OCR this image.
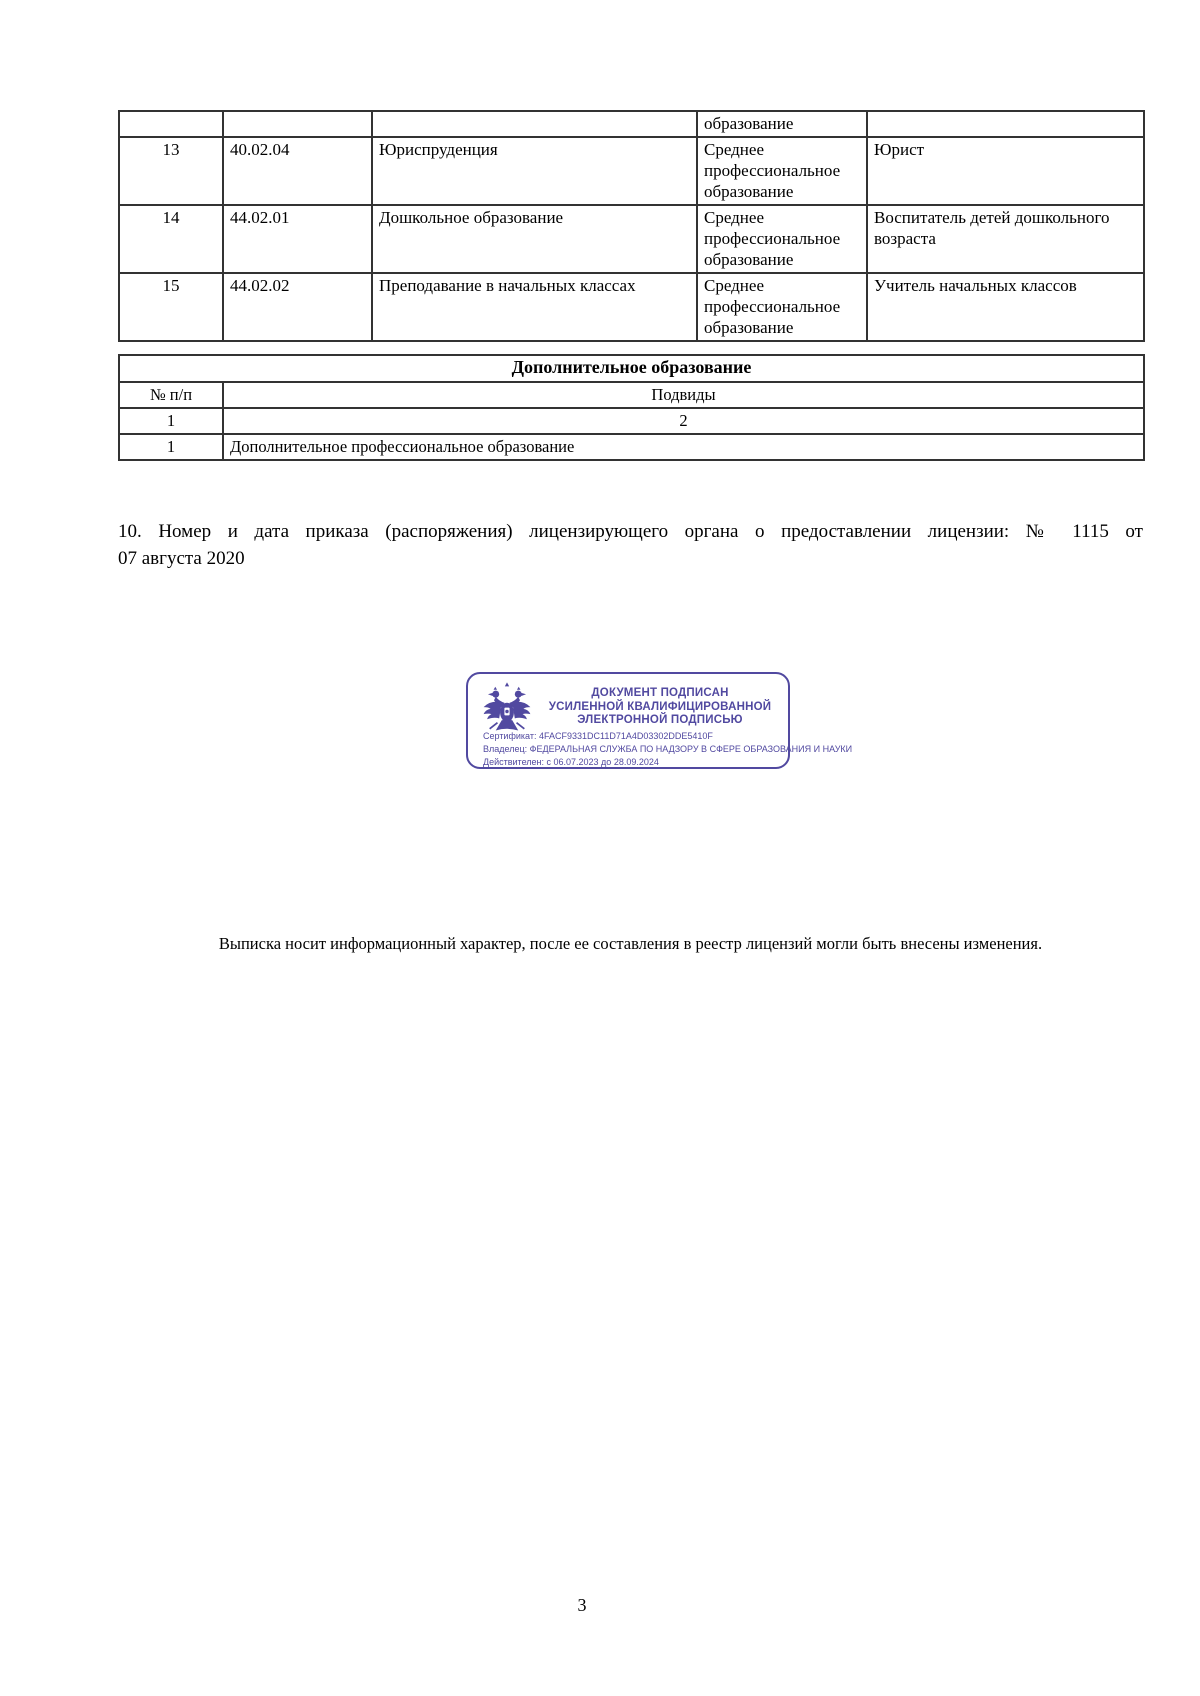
			образование	
13	40.02.04	Юриспруденция	Среднее профессиональное образование	Юрист
14	44.02.01	Дошкольное образование	Среднее профессиональное образование	Воспитатель детей дошкольного возраста
15	44.02.02	Преподавание в начальных классах	Среднее профессиональное образование	Учитель начальных классов
Дополнительное образование	
№ п/п	Подвиды
1	2
1	Дополнительное профессиональное образование
10. Номер и дата приказа (распоряжения) лицензирующего органа о предоставлении лицензии: № 1115 от
07 августа 2020
ДОКУМЕНТ ПОДПИСАН
УСИЛЕННОЙ КВАЛИФИЦИРОВАННОЙ
ЭЛЕКТРОННОЙ ПОДПИСЬЮ
Сертификат: 4FACF9331DC11D71A4D03302DDE5410F
Владелец: ФЕДЕРАЛЬНАЯ СЛУЖБА ПО НАДЗОРУ В СФЕРЕ ОБРАЗОВАНИЯ И НАУКИ
Действителен: с 06.07.2023 до 28.09.2024
Выписка носит информационный характер, после ее составления в реестр лицензий могли быть внесены изменения.
3
